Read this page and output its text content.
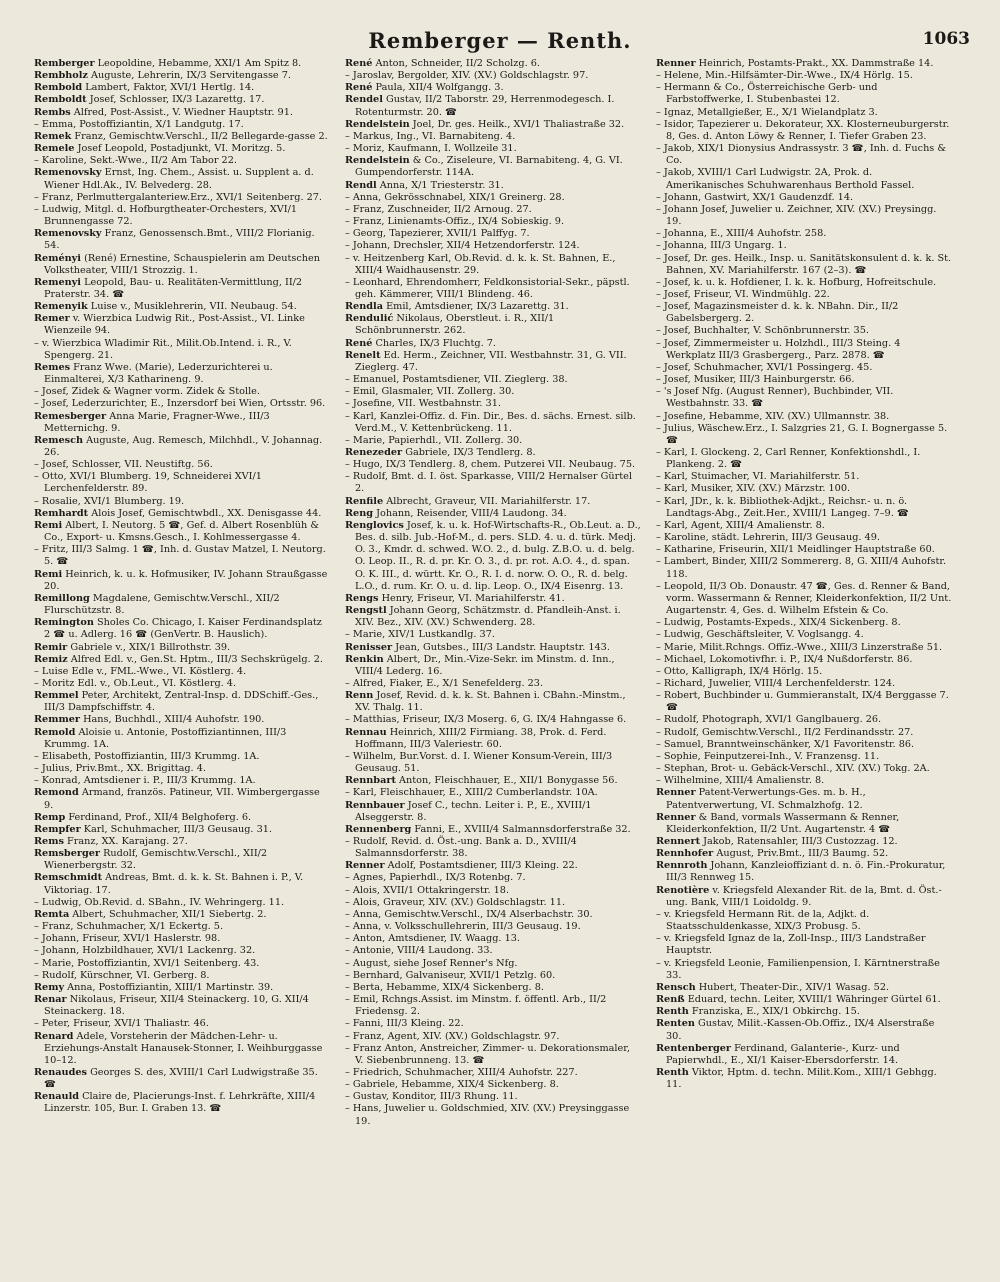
Remberger — Renth.	1063

Remberger Leopoldine, Hebamme, XXI/1 Am Spitz 8.

Rembholz Auguste, Lehrerin, IX/3 Servitengasse 7.

Rembold Lambert, Faktor, XVI/1 Hertlg. 14.

Remboldt Josef, Schlosser, IX/3 Lazarettg. 17.

Rembs Alfred, Post-Assist., V. Wiedner Hauptstr. 91.

– Emma, Postoffiziantin, X/1 Landgutg. 17.

Remek Franz, Gemischtw.Verschl., II/2 Bellegarde-gasse 2.

Remele Josef Leopold, Postadjunkt, VI. Moritzg. 5.

– Karoline, Sekt.-Wwe., II/2 Am Tabor 22.

Remenovsky Ernst, Ing. Chem., Assist. u. Supplent a. d. Wiener Hdl.Ak., IV. Belvederg. 28.

– Franz, Perlmuttergalanteriew.Erz., XVI/1 Seitenberg. 27.

– Ludwig, Mitgl. d. Hofburgtheater-Orchesters, XVI/1 Brunnengasse 72.

Remenovsky Franz, Genossensch.Bmt., VIII/2 Florianig. 54.

Reményi (René) Ernestine, Schauspielerin am Deutschen Volkstheater, VIII/1 Strozzig. 1.

Remenyi Leopold, Bau- u. Realitäten-Vermittlung, II/2 Praterstr. 34. ☎

Remenyik Luise v., Musiklehrerin, VII. Neubaug. 54.

Remer v. Wierzbica Ludwig Rit., Post-Assist., VI. Linke Wienzeile 94.

– v. Wierzbica Wladimir Rit., Milit.Ob.Intend. i. R., V. Spengerg. 21.

Remes Franz Wwe. (Marie), Lederzurichterei u. Einmalterei, X/3 Katharineng. 9.

– Josef, Zidek & Wagner vorm. Zidek & Stolle.

– Josef, Lederzurichter, E., Inzersdorf bei Wien, Ortsstr. 96.

Remesberger Anna Marie, Fragner-Wwe., III/3 Metternichg. 9.

Remesch Auguste, Aug. Remesch, Milchhdl., V. Johannag. 26.

– Josef, Schlosser, VII. Neustiftg. 56.

– Otto, XVI/1 Blumberg. 19, Schneiderei XVI/1 Lerchenfelderstr. 89.

– Rosalie, XVI/1 Blumberg. 19.

Remhardt Alois Josef, Gemischtwbdl., XX. Denisgasse 44.

Remi Albert, I. Neutorg. 5 ☎, Gef. d. Albert Rosenblüh & Co., Export- u. Kmsns.Gesch., I. Kohlmessergasse 4.

– Fritz, III/3 Salmg. 1 ☎, Inh. d. Gustav Matzel, I. Neutorg. 5. ☎

Remi Heinrich, k. u. k. Hofmusiker, IV. Johann Straußgasse 20.

Remillong Magdalene, Gemischtw.Verschl., XII/2 Flurschützstr. 8.

Remington Sholes Co. Chicago, I. Kaiser Ferdinandsplatz 2 ☎ u. Adlerg. 16 ☎ (GenVertr. B. Hauslich).

Remir Gabriele v., XIX/1 Billrothstr. 39.

Remiz Alfred Edl. v., Gen.St. Hptm., III/3 Sechskrügelg. 2.

– Luise Edle v., FML.-Wwe., VI. Köstlerg. 4.

– Moritz Edl. v., Ob.Leut., VI. Köstlerg. 4.

Remmel Peter, Architekt, Zentral-Insp. d. DDSchiff.-Ges., III/3 Dampfschiffstr. 4.

Remmer Hans, Buchhdl., XIII/4 Auhofstr. 190.

Remold Aloisie u. Antonie, Postoffiziantinnen, III/3 Krummg. 1A.

– Elisabeth, Postoffiziantin, III/3 Krummg. 1A.

– Julius, Priv.Bmt., XX. Brigittag. 4.

– Konrad, Amtsdiener i. P., III/3 Krummg. 1A.

Remond Armand, französ. Patineur, VII. Wimbergergasse 9.

Remp Ferdinand, Prof., XII/4 Belghoferg. 6.

Rempfer Karl, Schuhmacher, III/3 Geusaug. 31.

Rems Franz, XX. Karajang. 27.

Remsberger Rudolf, Gemischtw.Verschl., XII/2 Wienerbergstr. 32.

Remschmidt Andreas, Bmt. d. k. k. St. Bahnen i. P., V. Viktoriag. 17.

– Ludwig, Ob.Revid. d. SBahn., IV. Wehringerg. 11.

Remta Albert, Schuhmacher, XII/1 Siebertg. 2.

– Franz, Schuhmacher, X/1 Eckertg. 5.

– Johann, Friseur, XVI/1 Haslerstr. 98.

– Johann, Holzbildhauer, XVI/1 Lackenrg. 32.

– Marie, Postoffiziantin, XVI/1 Seitenberg. 43.

– Rudolf, Kürschner, VI. Gerberg. 8.

Remy Anna, Postoffiziantin, XIII/1 Martinstr. 39.

Renar Nikolaus, Friseur, XII/4 Steinackerg. 10, G. XII/4 Steinackerg. 18.

– Peter, Friseur, XVI/1 Thaliastr. 46.

Renard Adele, Vorsteherin der Mädchen-Lehr- u. Erziehungs-Anstalt Hanausek-Stonner, I. Weihburggasse 10–12.

Renaudes Georges S. des, XVIII/1 Carl Ludwigstraße 35. ☎

Renauld Claire de, Placierungs-Inst. f. Lehrkräfte, XIII/4 Linzerstr. 105, Bur. I. Graben 13. ☎

René Anton, Schneider, II/2 Scholzg. 6.

– Jaroslav, Bergolder, XIV. (XV.) Goldschlagstr. 97.

René Paula, XII/4 Wolfgangg. 3.

Rendel Gustav, II/2 Taborstr. 29, Herrenmodegesch. I. Rotenturmstr. 20. ☎

Rendelstein Joel, Dr. ges. Heilk., XVI/1 Thaliastraße 32.

– Markus, Ing., VI. Barnabiteng. 4.

– Moriz, Kaufmann, I. Wollzeile 31.

Rendelstein & Co., Ziseleure, VI. Barnabiteng. 4, G. VI. Gumpendorferstr. 114A.

Rendl Anna, X/1 Triesterstr. 31.

– Anna, Gekrösschnabel, XIX/1 Greinerg. 28.

– Franz, Zuschneider, II/2 Arnoug. 27.

– Franz, Linienamts-Offiz., IX/4 Sobieskig. 9.

– Georg, Tapezierer, XVII/1 Palffyg. 7.

– Johann, Drechsler, XII/4 Hetzendorferstr. 124.

– v. Heitzenberg Karl, Ob.Revid. d. k. k. St. Bahnen, E., XIII/4 Waidhausenstr. 29.

– Leonhard, Ehrendomherr, Feldkonsistorial-Sekr., päpstl. geh. Kämmerer, VIII/1 Blindeng. 46.

Rendla Emil, Amtsdiener, IX/3 Lazarettg. 31.

Rendulić Nikolaus, Oberstleut. i. R., XII/1 Schönbrunnerstr. 262.

René Charles, IX/3 Fluchtg. 7.

Renelt Ed. Herm., Zeichner, VII. Westbahnstr. 31, G. VII. Zieglerg. 47.

– Emanuel, Postamtsdiener, VII. Zieglerg. 38.

– Emil, Glasmaler, VII. Zollerg. 30.

– Josefine, VII. Westbahnstr. 31.

– Karl, Kanzlei-Offiz. d. Fin. Dir., Bes. d. sächs. Ernest. silb. Verd.M., V. Kettenbrückeng. 11.

– Marie, Papierhdl., VII. Zollerg. 30.

Renezeder Gabriele, IX/3 Tendlerg. 8.

– Hugo, IX/3 Tendlerg. 8, chem. Putzerei VII. Neubaug. 75.

– Rudolf, Bmt. d. I. öst. Sparkasse, VIII/2 Hernalser Gürtel 2.

Renfile Albrecht, Graveur, VII. Mariahilferstr. 17.

Reng Johann, Reisender, VIII/4 Laudong. 34.

Renglovics Josef, k. u. k. Hof-Wirtschafts-R., Ob.Leut. a. D., Bes. d. silb. Jub.-Hof-M., d. pers. SLD. 4. u. d. türk. Medj. O. 3., Kmdr. d. schwed. W.O. 2., d. bulg. Z.B.O. u. d. belg. O. Leop. II., R. d. pr. Kr. O. 3., d. pr. rot. A.O. 4., d. span. O. K. III., d. württ. Kr. O., R. I. d. norw. O. O., R. d. belg. L.O., d. rum. Kr. O. u. d. lip. Leop. O., IX/4 Eisenrg. 13.

Rengs Henry, Friseur, VI. Mariahilferstr. 41.

Rengstl Johann Georg, Schätzmstr. d. Pfandleih-Anst. i. XIV. Bez., XIV. (XV.) Schwenderg. 28.

– Marie, XIV/1 Lustkandlg. 37.

Renisser Jean, Gutsbes., III/3 Landstr. Hauptstr. 143.

Renkin Albert, Dr., Min.-Vize-Sekr. im Minstm. d. Inn., VIII/4 Lederg. 16.

– Alfred, Fiaker, E., X/1 Senefelderg. 23.

Renn Josef, Revid. d. k. k. St. Bahnen i. CBahn.-Minstm., XV. Thalg. 11.

– Matthias, Friseur, IX/3 Moserg. 6, G. IX/4 Hahngasse 6.

Rennau Heinrich, XIII/2 Firmiang. 38, Prok. d. Ferd. Hoffmann, III/3 Valeriestr. 60.

– Wilhelm, Bur.Vorst. d. I. Wiener Konsum-Verein, III/3 Geusaug. 51.

Rennbart Anton, Fleischhauer, E., XII/1 Bonygasse 56.

– Karl, Fleischhauer, E., XIII/2 Cumberlandstr. 10A.

Rennbauer Josef C., techn. Leiter i. P., E., XVIII/1 Alseggerstr. 8.

Rennenberg Fanni, E., XVIII/4 Salmannsdorferstraße 32.

– Rudolf, Revid. d. Öst.-ung. Bank a. D., XVIII/4 Salmannsdorferstr. 38.

Renner Adolf, Postamtsdiener, III/3 Kleing. 22.

– Agnes, Papierhdl., IX/3 Rotenbg. 7.

– Alois, XVII/1 Ottakringerstr. 18.

– Alois, Graveur, XIV. (XV.) Goldschlagstr. 11.

– Anna, Gemischtw.Verschl., IX/4 Alserbachstr. 30.

– Anna, v. Volksschullehrerin, III/3 Geusaug. 19.

– Anton, Amtsdiener, IV. Waagg. 13.

– Antonie, VIII/4 Laudong. 33.

– August, siehe Josef Renner's Nfg.

– Bernhard, Galvaniseur, XVII/1 Petzlg. 60.

– Berta, Hebamme, XIX/4 Sickenberg. 8.

– Emil, Rchngs.Assist. im Minstm. f. öffentl. Arb., II/2 Friedensg. 2.

– Fanni, III/3 Kleing. 22.

– Franz, Agent, XIV. (XV.) Goldschlagstr. 97.

– Franz Anton, Anstreicher, Zimmer- u. Dekorationsmaler, V. Siebenbrunneng. 13. ☎

– Friedrich, Schuhmacher, XIII/4 Auhofstr. 227.

– Gabriele, Hebamme, XIX/4 Sickenberg. 8.

– Gustav, Konditor, III/3 Rhung. 11.

– Hans, Juwelier u. Goldschmied, XIV. (XV.) Preysinggasse 19.

Renner Heinrich, Postamts-Prakt., XX. Dammstraße 14.

– Helene, Min.-Hilfsämter-Dir.-Wwe., IX/4 Hörlg. 15.

– Hermann & Co., Österreichische Gerb- und Farbstoffwerke, I. Stubenbastei 12.

– Ignaz, Metallgießer, E., X/1 Wielandplatz 3.

– Isidor, Tapezierer u. Dekorateur, XX. Klosterneuburgerstr. 8, Ges. d. Anton Löwy & Renner, I. Tiefer Graben 23.

– Jakob, XIX/1 Dionysius Andrassystr. 3 ☎, Inh. d. Fuchs & Co.

– Jakob, XVIII/1 Carl Ludwigstr. 2A, Prok. d. Amerikanisches Schuhwarenhaus Berthold Fassel.

– Johann, Gastwirt, XX/1 Gaudenzdf. 14.

– Johann Josef, Juwelier u. Zeichner, XIV. (XV.) Preysingg. 19.

– Johanna, E., XIII/4 Auhofstr. 258.

– Johanna, III/3 Ungarg. 1.

– Josef, Dr. ges. Heilk., Insp. u. Sanitätskonsulent d. k. k. St. Bahnen, XV. Mariahilferstr. 167 (2–3). ☎

– Josef, k. u. k. Hofdiener, I. k. k. Hofburg, Hofreitschule.

– Josef, Friseur, VI. Windmühlg. 22.

– Josef, Magazinsmeister d. k. k. NBahn. Dir., II/2 Gabelsbergerg. 2.

– Josef, Buchhalter, V. Schönbrunnerstr. 35.

– Josef, Zimmermeister u. Holzhdl., III/3 Steing. 4 Werkplatz III/3 Grasbergerg., Parz. 2878. ☎

– Josef, Schuhmacher, XVI/1 Possingerg. 45.

– Josef, Musiker, III/3 Hainburgerstr. 66.

– 's Josef Nfg. (August Renner), Buchbinder, VII. Westbahnstr. 33. ☎

– Josefine, Hebamme, XIV. (XV.) Ullmannstr. 38.

– Julius, Wäschew.Erz., I. Salzgries 21, G. I. Bognergasse 5. ☎

– Karl, I. Glockeng. 2, Carl Renner, Konfektionshdl., I. Plankeng. 2. ☎

– Karl, Stuimacher, VI. Mariahilferstr. 51.

– Karl, Musiker, XIV. (XV.) Märzstr. 100.

– Karl, JDr., k. k. Bibliothek-Adjkt., Reichsr.- u. n. ö. Landtags-Abg., Zeit.Her., XVIII/1 Langeg. 7–9. ☎

– Karl, Agent, XIII/4 Amalienstr. 8.

– Karoline, städt. Lehrerin, III/3 Geusaug. 49.

– Katharine, Friseurin, XII/1 Meidlinger Hauptstraße 60.

– Lambert, Binder, XIII/2 Sommererg. 8, G. XIII/4 Auhofstr. 118.

– Leopold, II/3 Ob. Donaustr. 47 ☎, Ges. d. Renner & Band, vorm. Wassermann & Renner, Kleiderkonfektion, II/2 Unt. Augartenstr. 4, Ges. d. Wilhelm Efstein & Co.

– Ludwig, Postamts-Expeds., XIX/4 Sickenberg. 8.

– Ludwig, Geschäftsleiter, V. Voglsangg. 4.

– Marie, Milit.Rchngs. Offiz.-Wwe., XIII/3 Linzerstraße 51.

– Michael, Lokomotivfhr. i. P., IX/4 Nußdorferstr. 86.

– Otto, Kalligraph, IX/4 Hörlg. 15.

– Richard, Juwelier, VIII/4 Lerchenfelderstr. 124.

– Robert, Buchbinder u. Gummieranstalt, IX/4 Berggasse 7. ☎

– Rudolf, Photograph, XVI/1 Ganglbauerg. 26.

– Rudolf, Gemischtw.Verschl., II/2 Ferdinandsstr. 27.

– Samuel, Branntweinschänker, X/1 Favoritenstr. 86.

– Sophie, Feinputzerei-Inh., V. Franzensg. 11.

– Stephan, Brot- u. Gebäck-Verschl., XIV. (XV.) Tokg. 2A.

– Wilhelmine, XIII/4 Amalienstr. 8.

Renner Patent-Verwertungs-Ges. m. b. H., Patentverwertung, VI. Schmalzhofg. 12.

Renner & Band, vormals Wassermann & Renner, Kleiderkonfektion, II/2 Unt. Augartenstr. 4 ☎

Rennert Jakob, Ratensahler, III/3 Custozzag. 12.

Rennhofer August, Priv.Bmt., III/3 Baumg. 52.

Rennroth Johann, Kanzleioffiziant d. n. ö. Fin.-Prokuratur, III/3 Rennweg 15.

Renotière v. Kriegsfeld Alexander Rit. de la, Bmt. d. Öst.-ung. Bank, VIII/1 Loidoldg. 9.

– v. Kriegsfeld Hermann Rit. de la, Adjkt. d. Staatsschuldenkasse, XIX/3 Probusg. 5.

– v. Kriegsfeld Ignaz de la, Zoll-Insp., III/3 Landstraßer Hauptstr.

– v. Kriegsfeld Leonie, Familienpension, I. Kärntnerstraße 33.

Rensch Hubert, Theater-Dir., XIV/1 Wasag. 52.

Renß Eduard, techn. Leiter, XVIII/1 Währinger Gürtel 61.

Renth Franziska, E., XIX/1 Obkirchg. 15.

Renten Gustav, Milit.-Kassen-Ob.Offiz., IX/4 Alserstraße 30.

Rentenberger Ferdinand, Galanterie-, Kurz- und Papierwhdl., E., XI/1 Kaiser-Ebersdorferstr. 14.

Renth Viktor, Hptm. d. techn. Milit.Kom., XIII/1 Gebhgg. 11.
